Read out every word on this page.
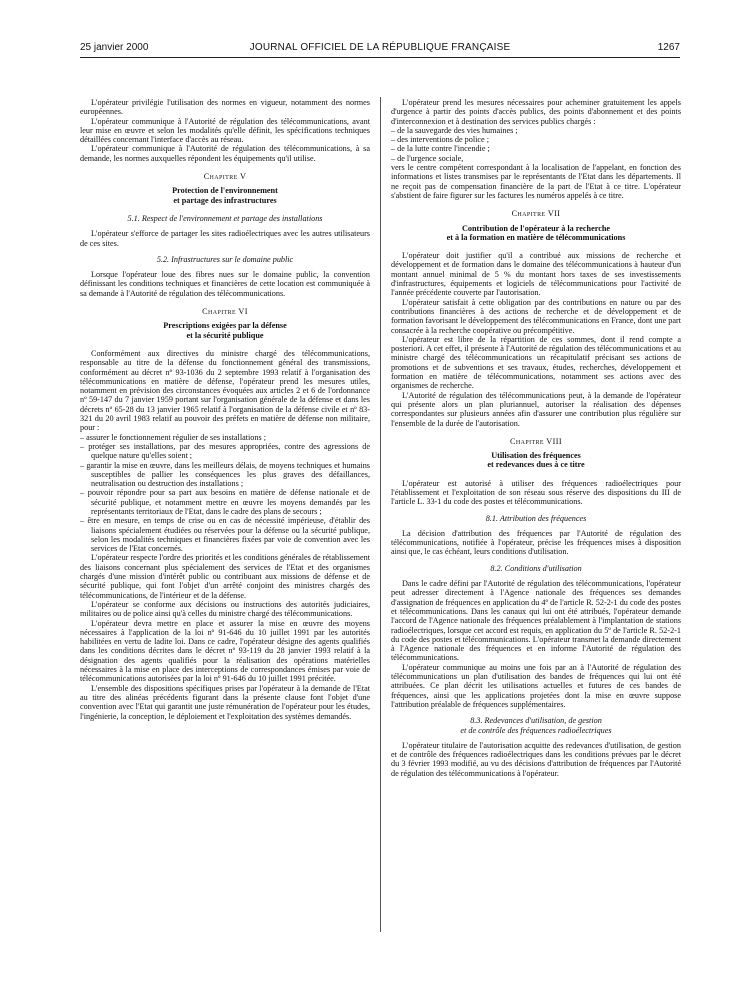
25 janvier 2000	JOURNAL OFFICIEL DE LA RÉPUBLIQUE FRANÇAISE	1267

L'opérateur privilégie l'utilisation des normes en vigueur, notamment des normes européennes.

L'opérateur communique à l'Autorité de régulation des télécommunications, avant leur mise en œuvre et selon les modalités qu'elle définit, les spécifications techniques détaillées concernant l'interface d'accès au réseau.

L'opérateur communique à l'Autorité de régulation des télécommunications, à sa demande, les normes auxquelles répondent les équipements qu'il utilise.

Chapitre V
Protection de l'environnement
et partage des infrastructures
5.1. Respect de l'environnement et partage des installations

L'opérateur s'efforce de partager les sites radioélectriques avec les autres utilisateurs de ces sites.

5.2. Infrastructures sur le domaine public

Lorsque l'opérateur loue des fibres nues sur le domaine public, la convention définissant les conditions techniques et financières de cette location est communiquée à sa demande à l'Autorité de régulation des télécommunications.

Chapitre VI
Prescriptions exigées par la défense
et la sécurité publique

Conformément aux directives du ministre chargé des télécommunications, responsable au titre de la défense du fonctionnement général des transmissions, conformément au décret nº 93-1036 du 2 septembre 1993 relatif à l'organisation des télécommunications en matière de défense, l'opérateur prend les mesures utiles, notamment en prévision des circonstances évoquées aux articles 2 et 6 de l'ordonnance nº 59-147 du 7 janvier 1959 portant sur l'organisation générale de la défense et dans les décrets nº 65-28 du 13 janvier 1965 relatif à l'organisation de la défense civile et nº 83-321 du 20 avril 1983 relatif au pouvoir des préfets en matière de défense non militaire, pour :

– assurer le fonctionnement régulier de ses installations ;
– protéger ses installations, par des mesures appropriées, contre des agressions de quelque nature qu'elles soient ;
– garantir la mise en œuvre, dans les meilleurs délais, de moyens techniques et humains susceptibles de pallier les conséquences les plus graves des défaillances, neutralisation ou destruction des installations ;
– pouvoir répondre pour sa part aux besoins en matière de défense nationale et de sécurité publique, et notamment mettre en œuvre les moyens demandés par les représentants territoriaux de l'Etat, dans le cadre des plans de secours ;
– être en mesure, en temps de crise ou en cas de nécessité impérieuse, d'établir des liaisons spécialement étudiées ou réservées pour la défense ou la sécurité publique, selon les modalités techniques et financières fixées par voie de convention avec les services de l'Etat concernés.

L'opérateur respecte l'ordre des priorités et les conditions générales de rétablissement des liaisons concernant plus spécialement des services de l'Etat et des organismes chargés d'une mission d'intérêt public ou contribuant aux missions de défense et de sécurité publique, qui font l'objet d'un arrêté conjoint des ministres chargés des télécommunications, de l'intérieur et de la défense.

L'opérateur se conforme aux décisions ou instructions des autorités judiciaires, militaires ou de police ainsi qu'à celles du ministre chargé des télécommunications.

L'opérateur devra mettre en place et assurer la mise en œuvre des moyens nécessaires à l'application de la loi nº 91-646 du 10 juillet 1991 par les autorités habilitées en vertu de ladite loi. Dans ce cadre, l'opérateur désigne des agents qualifiés dans les conditions décrites dans le décret nº 93-119 du 28 janvier 1993 relatif à la désignation des agents qualifiés pour la réalisation des opérations matérielles nécessaires à la mise en place des interceptions de correspondances émises par voie de télécommunications autorisées par la loi nº 91-646 du 10 juillet 1991 précitée.

L'ensemble des dispositions spécifiques prises par l'opérateur à la demande de l'Etat au titre des alinéas précédents figurant dans la présente clause font l'objet d'une convention avec l'Etat qui garantit une juste rémunération de l'opérateur pour les études, l'ingénierie, la conception, le déploiement et l'exploitation des systèmes demandés.

L'opérateur prend les mesures nécessaires pour acheminer gratuitement les appels d'urgence à partir des points d'accès publics, des points d'abonnement et des points d'interconnexion et à destination des services publics chargés :

– de la sauvegarde des vies humaines ;
– des interventions de police ;
– de la lutte contre l'incendie ;
– de l'urgence sociale,

vers le centre compétent correspondant à la localisation de l'appelant, en fonction des informations et listes transmises par le représentants de l'Etat dans les départements. Il ne reçoit pas de compensation financière de la part de l'Etat à ce titre. L'opérateur s'abstient de faire figurer sur les factures les numéros appelés à ce titre.

Chapitre VII
Contribution de l'opérateur à la recherche
et à la formation en matière de télécommunications

L'opérateur doit justifier qu'il a contribué aux missions de recherche et développement et de formation dans le domaine des télécommunications à hauteur d'un montant annuel minimal de 5 % du montant hors taxes de ses investissements d'infrastructures, équipements et logiciels de télécommunications pour l'activité de l'année précédente couverte par l'autorisation.

L'opérateur satisfait à cette obligation par des contributions en nature ou par des contributions financières à des actions de recherche et de développement et de formation favorisant le développement des télécommunications en France, dont une part consacrée à la recherche coopérative ou précompétitive.

L'opérateur est libre de la répartition de ces sommes, dont il rend compte a posteriori. A cet effet, il présente à l'Autorité de régulation des télécommunications et au ministre chargé des télécommunications un récapitulatif précisant ses actions de promotions et de subventions et ses travaux, études, recherches, développement et formation en matière de télécommunications, notamment ses actions avec des organismes de recherche.

L'Autorité de régulation des télécommunications peut, à la demande de l'opérateur qui présente alors un plan pluriannuel, autoriser la réalisation des dépenses correspondantes sur plusieurs années afin d'assurer une contribution plus régulière sur l'ensemble de la durée de l'autorisation.

Chapitre VIII
Utilisation des fréquences
et redevances dues à ce titre

L'opérateur est autorisé à utiliser des fréquences radioélectriques pour l'établissement et l'exploitation de son réseau sous réserve des dispositions du III de l'article L. 33-1 du code des postes et télécommunications.

8.1. Attribution des fréquences

La décision d'attribution des fréquences par l'Autorité de régulation des télécommunications, notifiée à l'opérateur, précise les fréquences mises à disposition ainsi que, le cas échéant, leurs conditions d'utilisation.

8.2. Conditions d'utilisation

Dans le cadre défini par l'Autorité de régulation des télécommunications, l'opérateur peut adresser directement à l'Agence nationale des fréquences ses demandes d'assignation de fréquences en application du 4º de l'article R. 52-2-1 du code des postes et télécommunications. Dans les canaux qui lui ont été attribués, l'opérateur demande l'accord de l'Agence nationale des fréquences préalablement à l'implantation de stations radioélectriques, lorsque cet accord est requis, en application du 5º de l'article R. 52-2-1 du code des postes et télécommunications. L'opérateur transmet la demande directement à l'Agence nationale des fréquences et en informe l'Autorité de régulation des télécommunications.

L'opérateur communique au moins une fois par an à l'Autorité de régulation des télécommunications un plan d'utilisation des bandes de fréquences qui lui ont été attribuées. Ce plan décrit les utilisations actuelles et futures de ces bandes de fréquences, ainsi que les applications projetées dont la mise en œuvre suppose l'attribution préalable de fréquences supplémentaires.

8.3. Redevances d'utilisation, de gestion
et de contrôle des fréquences radioélectriques

L'opérateur titulaire de l'autorisation acquitte des redevances d'utilisation, de gestion et de contrôle des fréquences radioélectriques dans les conditions prévues par le décret du 3 février 1993 modifié, au vu des décisions d'attribution de fréquences par l'Autorité de régulation des télécommunications à l'opérateur.
